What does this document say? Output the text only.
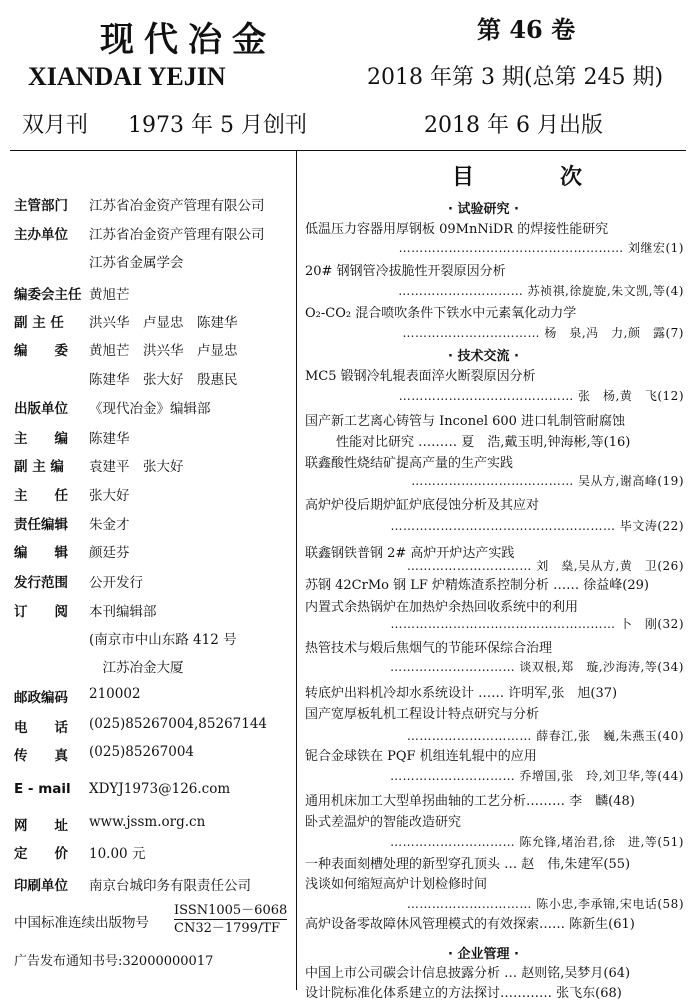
现代冶金
XIANDAI YEJIN
双月刊 1973 年 5 月创刊
第 46 卷
2018 年第 3 期(总第 245 期)
2018 年 6 月出版
主管部门 江苏省冶金资产管理有限公司
主办单位 江苏省冶金资产管理有限公司
江苏省金属学会
编委会主任 黄旭芒
副 主 任 洪兴华　卢显忠　陈建华
编　　委 黄旭芒　洪兴华　卢显忠
陈建华　张大好　殷惠民
出版单位 《现代冶金》编辑部
主　　编 陈建华
副 主 编 袁建平　张大好
主　　任 张大好
责任编辑 朱金才
编　　辑 颜廷芬
发行范围 公开发行
订　　阅 本刊编辑部
(南京市中山东路 412 号
　江苏冶金大厦
邮政编码 210002
电　　话 (025)85267004,85267144
传　　真 (025)85267004
E - mail XDYJ1973@126.com
网　　址 www.jssm.org.cn
定　　价 10.00 元
印刷单位 南京台城印务有限责任公司
中国标准连续出版物号
ISSN1005－6068
CN32－1799/TF
广告发布通知书号:32000000017
目　次
· 试验研究 ·
低温压力容器用厚钢板 09MnNiDR 的焊接性能研究
……………………………………………… 刘继宏(1)
20# 钢钢管冷拔脆性开裂原因分析
………………………… 苏祯祺,徐旋旋,朱文凯,等(4)
O₂-CO₂ 混合喷吹条件下铁水中元素氧化动力学
…………………………… 杨　泉,冯　力,颜　露(7)
· 技术交流 ·
MC5 锻钢冷轧辊表面淬火断裂原因分析
…………………………………… 张　杨,黄　飞(12)
国产新工艺离心铸管与 Inconel 600 进口轧制管耐腐蚀
性能对比研究 ……… 夏　浩,戴玉明,钟海彬,等(16)
联鑫酸性烧结矿提高产量的生产实践
………………………………… 吴从方,谢高峰(19)
高炉炉役后期炉缸炉底侵蚀分析及其应对
……………………………………………… 毕文涛(22)
联鑫钢铁普钢 2# 高炉开炉达产实践
………………………… 刘　燊,吴从方,黄　卫(26)
苏钢 42CrMo 钢 LF 炉精炼渣系控制分析 …… 徐益峰(29)
内置式余热锅炉在加热炉余热回收系统中的利用
……………………………………………… 卜　刚(32)
热管技术与煅后焦烟气的节能环保综合治理
………………………… 谈双根,郑　璇,沙海涛,等(34)
转底炉出料机冷却水系统设计 …… 许明军,张　旭(37)
国产宽厚板轧机工程设计特点研究与分析
………………………… 薛春江,张　巍,朱燕玉(40)
铌合金球铁在 PQF 机组连轧辊中的应用
………………………… 乔增国,张　玲,刘卫华,等(44)
通用机床加工大型单拐曲轴的工艺分析……… 李　麟(48)
卧式差温炉的智能改造研究
………………………… 陈允锋,堵治君,徐　进,等(51)
一种表面刻槽处理的新型穿孔顶头 … 赵　伟,朱建军(55)
浅谈如何缩短高炉计划检修时间
………………………… 陈小忠,李承锦,宋电话(58)
高炉设备零故障休风管理模式的有效探索…… 陈新生(61)
· 企业管理 ·
中国上市公司碳会计信息披露分析 … 赵则铭,吴梦月(64)
设计院标准化体系建立的方法探讨………… 张飞东(68)
